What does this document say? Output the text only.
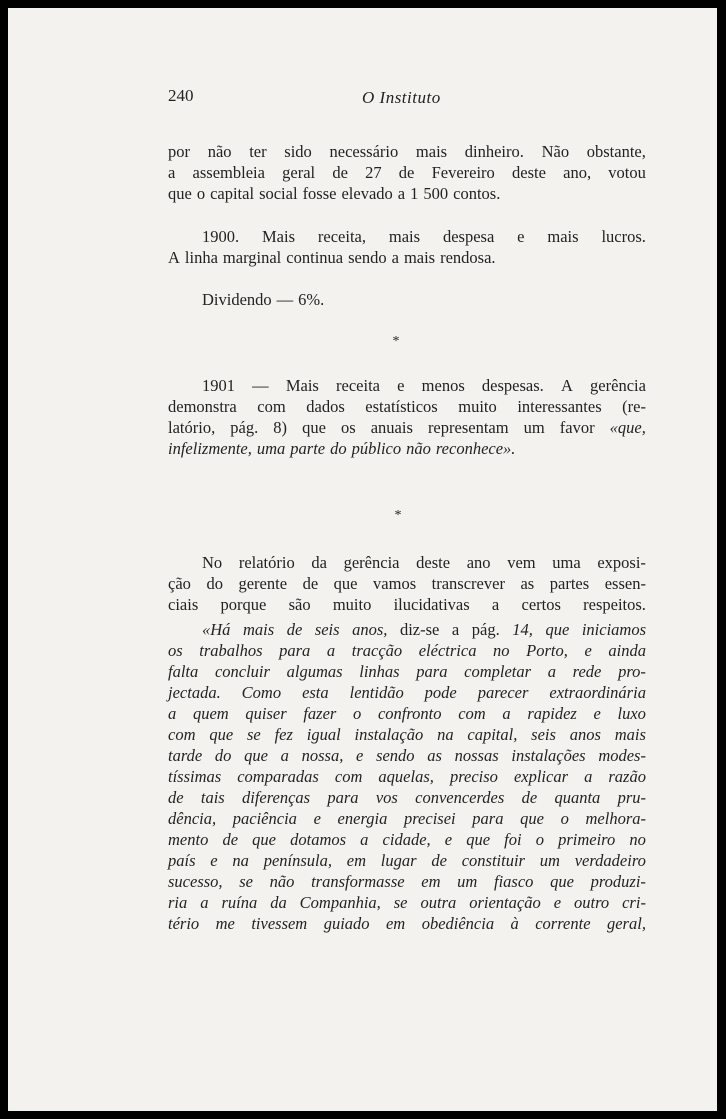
240	O Instituto
por não ter sido necessário mais dinheiro. Não obstante,
a assembleia geral de 27 de Fevereiro deste ano, votou
que o capital social fosse elevado a 1 500 contos.
1900. Mais receita, mais despesa e mais lucros.
A linha marginal continua sendo a mais rendosa.
Dividendo — 6%.
*
1901 — Mais receita e menos despesas. A gerência
demonstra com dados estatísticos muito interessantes (re-
latório, pág. 8) que os anuais representam um favor «que,
infelizmente, uma parte do público não reconhece».
*
No relatório da gerência deste ano vem uma exposi-
ção do gerente de que vamos transcrever as partes essen-
ciais porque são muito ilucidativas a certos respeitos.
«Há mais de seis anos, diz-se a pág. 14, que iniciamos
os trabalhos para a tracção eléctrica no Porto, e ainda
falta concluir algumas linhas para completar a rede pro-
jectada. Como esta lentidão pode parecer extraordinária
a quem quiser fazer o confronto com a rapidez e luxo
com que se fez igual instalação na capital, seis anos mais
tarde do que a nossa, e sendo as nossas instalações modes-
tíssimas comparadas com aquelas, preciso explicar a razão
de tais diferenças para vos convencerdes de quanta pru-
dência, paciência e energia precisei para que o melhora-
mento de que dotamos a cidade, e que foi o primeiro no
país e na península, em lugar de constituir um verdadeiro
sucesso, se não transformasse em um fiasco que produzi-
ria a ruína da Companhia, se outra orientação e outro cri-
tério me tivessem guiado em obediência à corrente geral,
